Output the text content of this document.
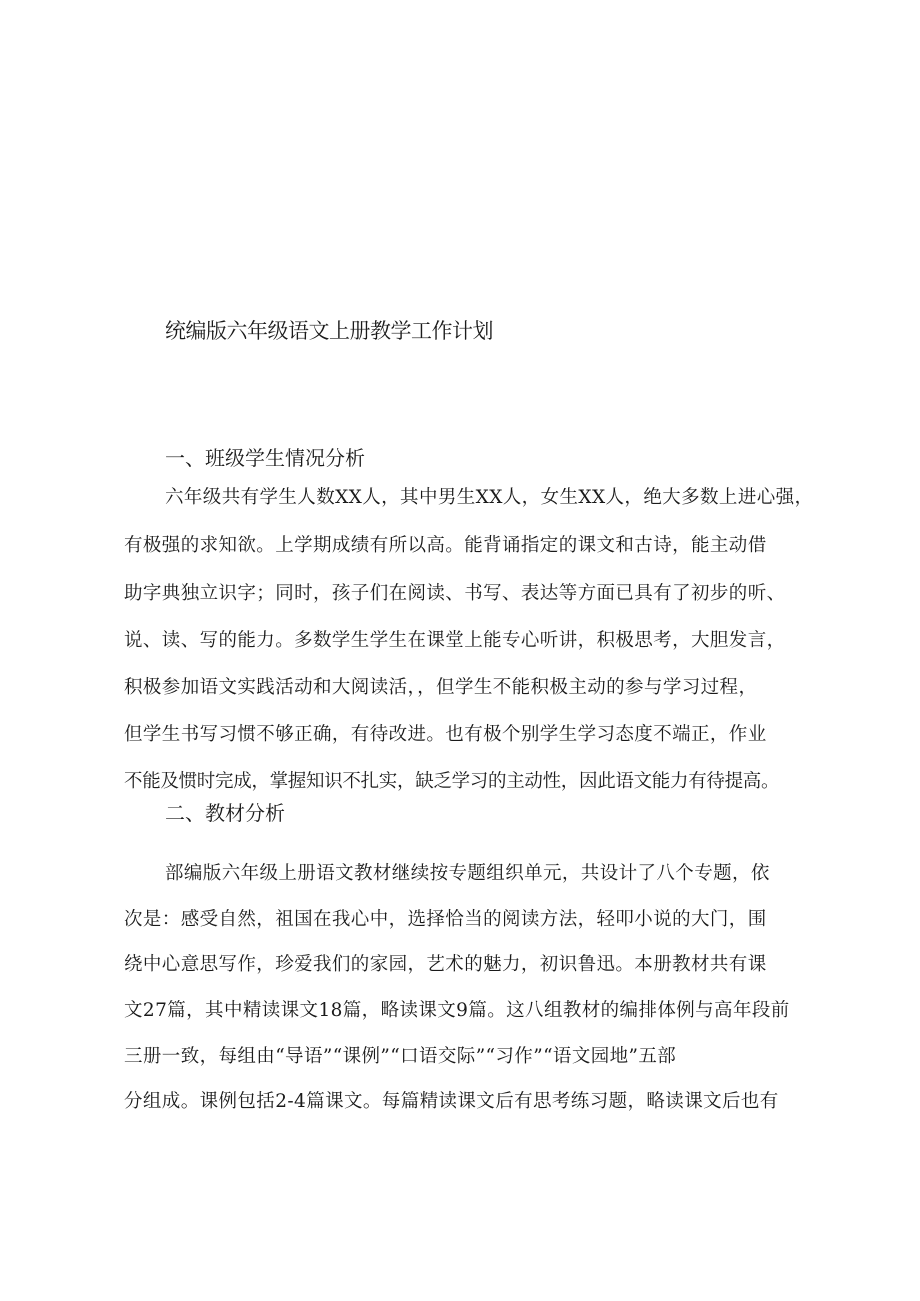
统编版六年级语文上册教学工作计划
一、班级学生情况分析

六年级共有学生人数XX人，其中男生XX人，女生XX人，绝大多数上进心强，

有极强的求知欲。上学期成绩有所以高。能背诵指定的课文和古诗，能主动借

助字典独立识字；同时，孩子们在阅读、书写、表达等方面已具有了初步的听、

说、读、写的能力。多数学生学生在课堂上能专心听讲，积极思考，大胆发言，

积极参加语文实践活动和大阅读活，，但学生不能积极主动的参与学习过程，

但学生书写习惯不够正确，有待改进。也有极个别学生学习态度不端正，作业

不能及惯时完成，掌握知识不扎实，缺乏学习的主动性，因此语文能力有待提高。

二、教材分析

部编版六年级上册语文教材继续按专题组织单元，共设计了八个专题，依

次是：感受自然，祖国在我心中，选择恰当的阅读方法，轻叩小说的大门，围

绕中心意思写作，珍爱我们的家园，艺术的魅力，初识鲁迅。本册教材共有课

文27篇，其中精读课文18篇，略读课文9篇。这八组教材的编排体例与高年段前

三册一致，每组由“导语”“课例”“口语交际”“习作”“语文园地”五部

分组成。课例包括2-4篇课文。每篇精读课文后有思考练习题，略读课文后也有
